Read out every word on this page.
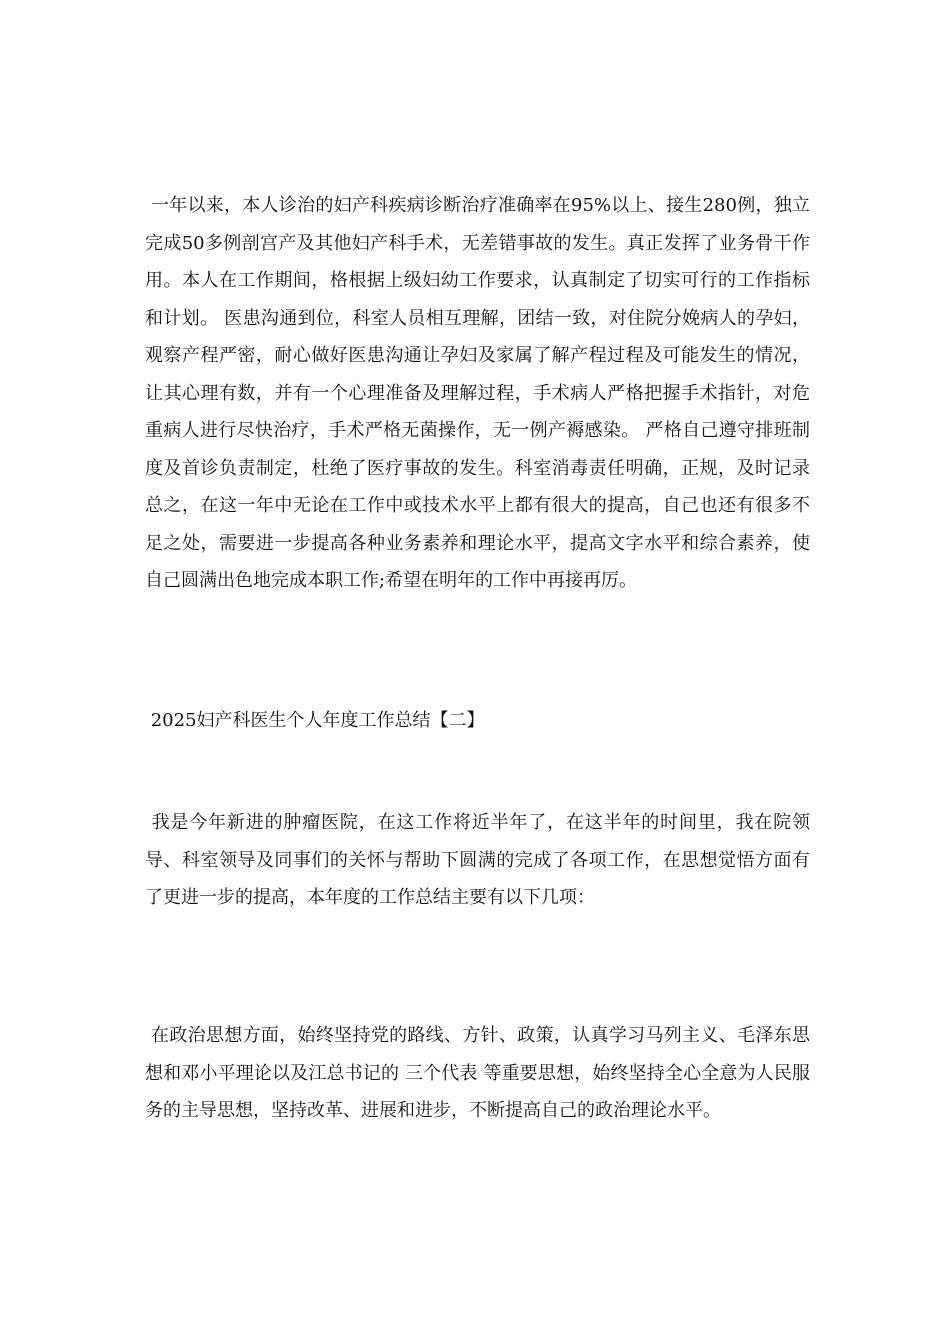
一年以来，本人诊治的妇产科疾病诊断治疗准确率在95%以上、接生280例，独立完成50多例剖宫产及其他妇产科手术，无差错事故的发生。真正发挥了业务骨干作用。本人在工作期间，格根据上级妇幼工作要求，认真制定了切实可行的工作指标和计划。 医患沟通到位，科室人员相互理解，团结一致，对住院分娩病人的孕妇，观察产程严密，耐心做好医患沟通让孕妇及家属了解产程过程及可能发生的情况，让其心理有数，并有一个心理准备及理解过程，手术病人严格把握手术指针，对危重病人进行尽快治疗，手术严格无菌操作，无一例产褥感染。 严格自己遵守排班制度及首诊负责制定，杜绝了医疗事故的发生。科室消毒责任明确，正规，及时记录 总之，在这一年中无论在工作中或技术水平上都有很大的提高，自己也还有很多不足之处，需要进一步提高各种业务素养和理论水平，提高文字水平和综合素养，使自己圆满出色地完成本职工作;希望在明年的工作中再接再厉。

2025妇产科医生个人年度工作总结【二】

我是今年新进的肿瘤医院，在这工作将近半年了，在这半年的时间里，我在院领导、科室领导及同事们的关怀与帮助下圆满的完成了各项工作，在思想觉悟方面有了更进一步的提高，本年度的工作总结主要有以下几项：

在政治思想方面，始终坚持党的路线、方针、政策，认真学习马列主义、毛泽东思想和邓小平理论以及江总书记的 三个代表 等重要思想，始终坚持全心全意为人民服务的主导思想，坚持改革、进展和进步，不断提高自己的政治理论水平。
